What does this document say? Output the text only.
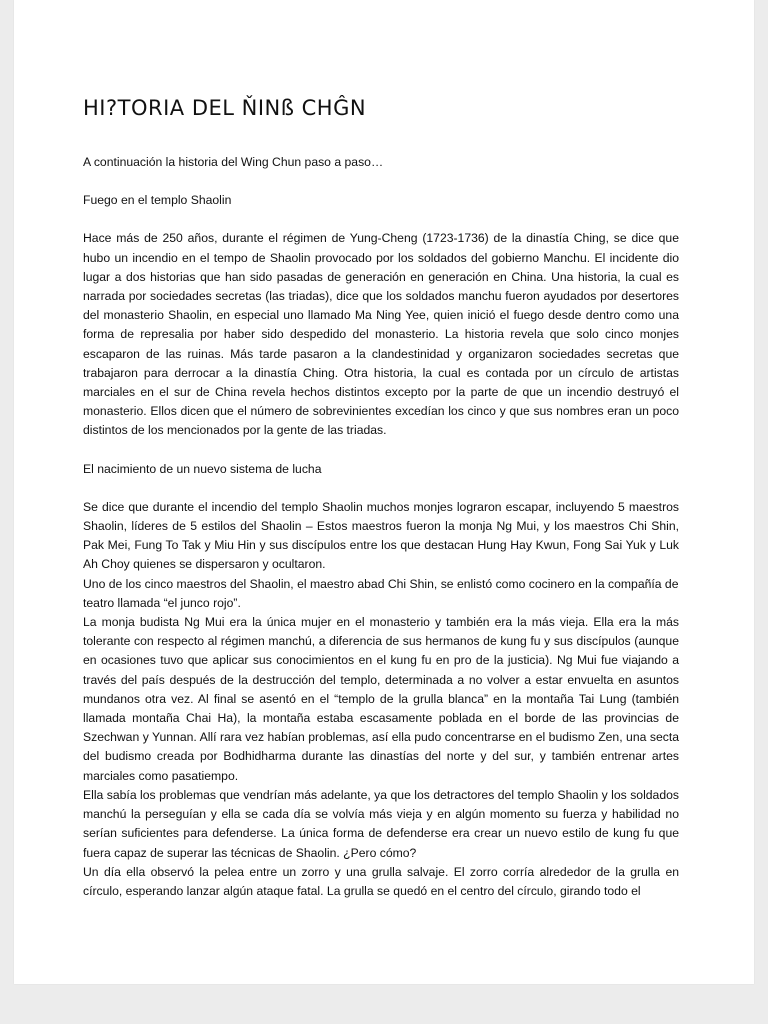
HI?TORIA DEL ŇINß CHĜN

A continuación la historia del Wing Chun paso a paso…

Fuego en el templo Shaolin

Hace más de 250 años, durante el régimen de Yung-Cheng (1723-1736) de la dinastía Ching, se dice que hubo un incendio en el tempo de Shaolin provocado por los soldados del gobierno Manchu. El incidente dio lugar a dos historias que han sido pasadas de generación en generación en China. Una historia, la cual es narrada por sociedades secretas (las triadas), dice que los soldados manchu fueron ayudados por desertores del monasterio Shaolin, en especial uno llamado Ma Ning Yee, quien inició el fuego desde dentro como una forma de represalia por haber sido despedido del monasterio. La historia revela que solo cinco monjes escaparon de las ruinas. Más tarde pasaron a la clandestinidad y organizaron sociedades secretas que trabajaron para derrocar a la dinastía Ching. Otra historia, la cual es contada por un círculo de artistas marciales en el sur de China revela hechos distintos excepto por la parte de que un incendio destruyó el monasterio. Ellos dicen que el número de sobrevinientes excedían los cinco y que sus nombres eran un poco distintos de los mencionados por la gente de las triadas.

El nacimiento de un nuevo sistema de lucha

Se dice que durante el incendio del templo Shaolin muchos monjes lograron escapar, incluyendo 5 maestros Shaolin, líderes de 5 estilos del Shaolin – Estos maestros fueron la monja Ng Mui, y los maestros Chi Shin, Pak Mei, Fung To Tak y Miu Hin y sus discípulos entre los que destacan Hung Hay Kwun, Fong Sai Yuk y Luk Ah Choy quienes se dispersaron y ocultaron.

Uno de los cinco maestros del Shaolin, el maestro abad Chi Shin, se enlistó como cocinero en la compañía de teatro llamada “el junco rojo”.

La monja budista Ng Mui era la única mujer en el monasterio y también era la más vieja. Ella era la más tolerante con respecto al régimen manchú, a diferencia de sus hermanos de kung fu y sus discípulos (aunque en ocasiones tuvo que aplicar sus conocimientos en el kung fu en pro de la justicia). Ng Mui fue viajando a través del país después de la destrucción del templo, determinada a no volver a estar envuelta en asuntos mundanos otra vez. Al final se asentó en el “templo de la grulla blanca” en la montaña Tai Lung (también llamada montaña Chai Ha), la montaña estaba escasamente poblada en el borde de las provincias de Szechwan y Yunnan. Allí rara vez habían problemas, así ella pudo concentrarse en el budismo Zen, una secta del budismo creada por Bodhidharma durante las dinastías del norte y del sur, y también entrenar artes marciales como pasatiempo.

Ella sabía los problemas que vendrían más adelante, ya que los detractores del templo Shaolin y los soldados manchú la perseguían y ella se cada día se volvía más vieja y en algún momento su fuerza y habilidad no serían suficientes para defenderse. La única forma de defenderse era crear un nuevo estilo de kung fu que fuera capaz de superar las técnicas de Shaolin. ¿Pero cómo?

Un día ella observó la pelea entre un zorro y una grulla salvaje. El zorro corría alrededor de la grulla en círculo, esperando lanzar algún ataque fatal. La grulla se quedó en el centro del círculo, girando todo el
